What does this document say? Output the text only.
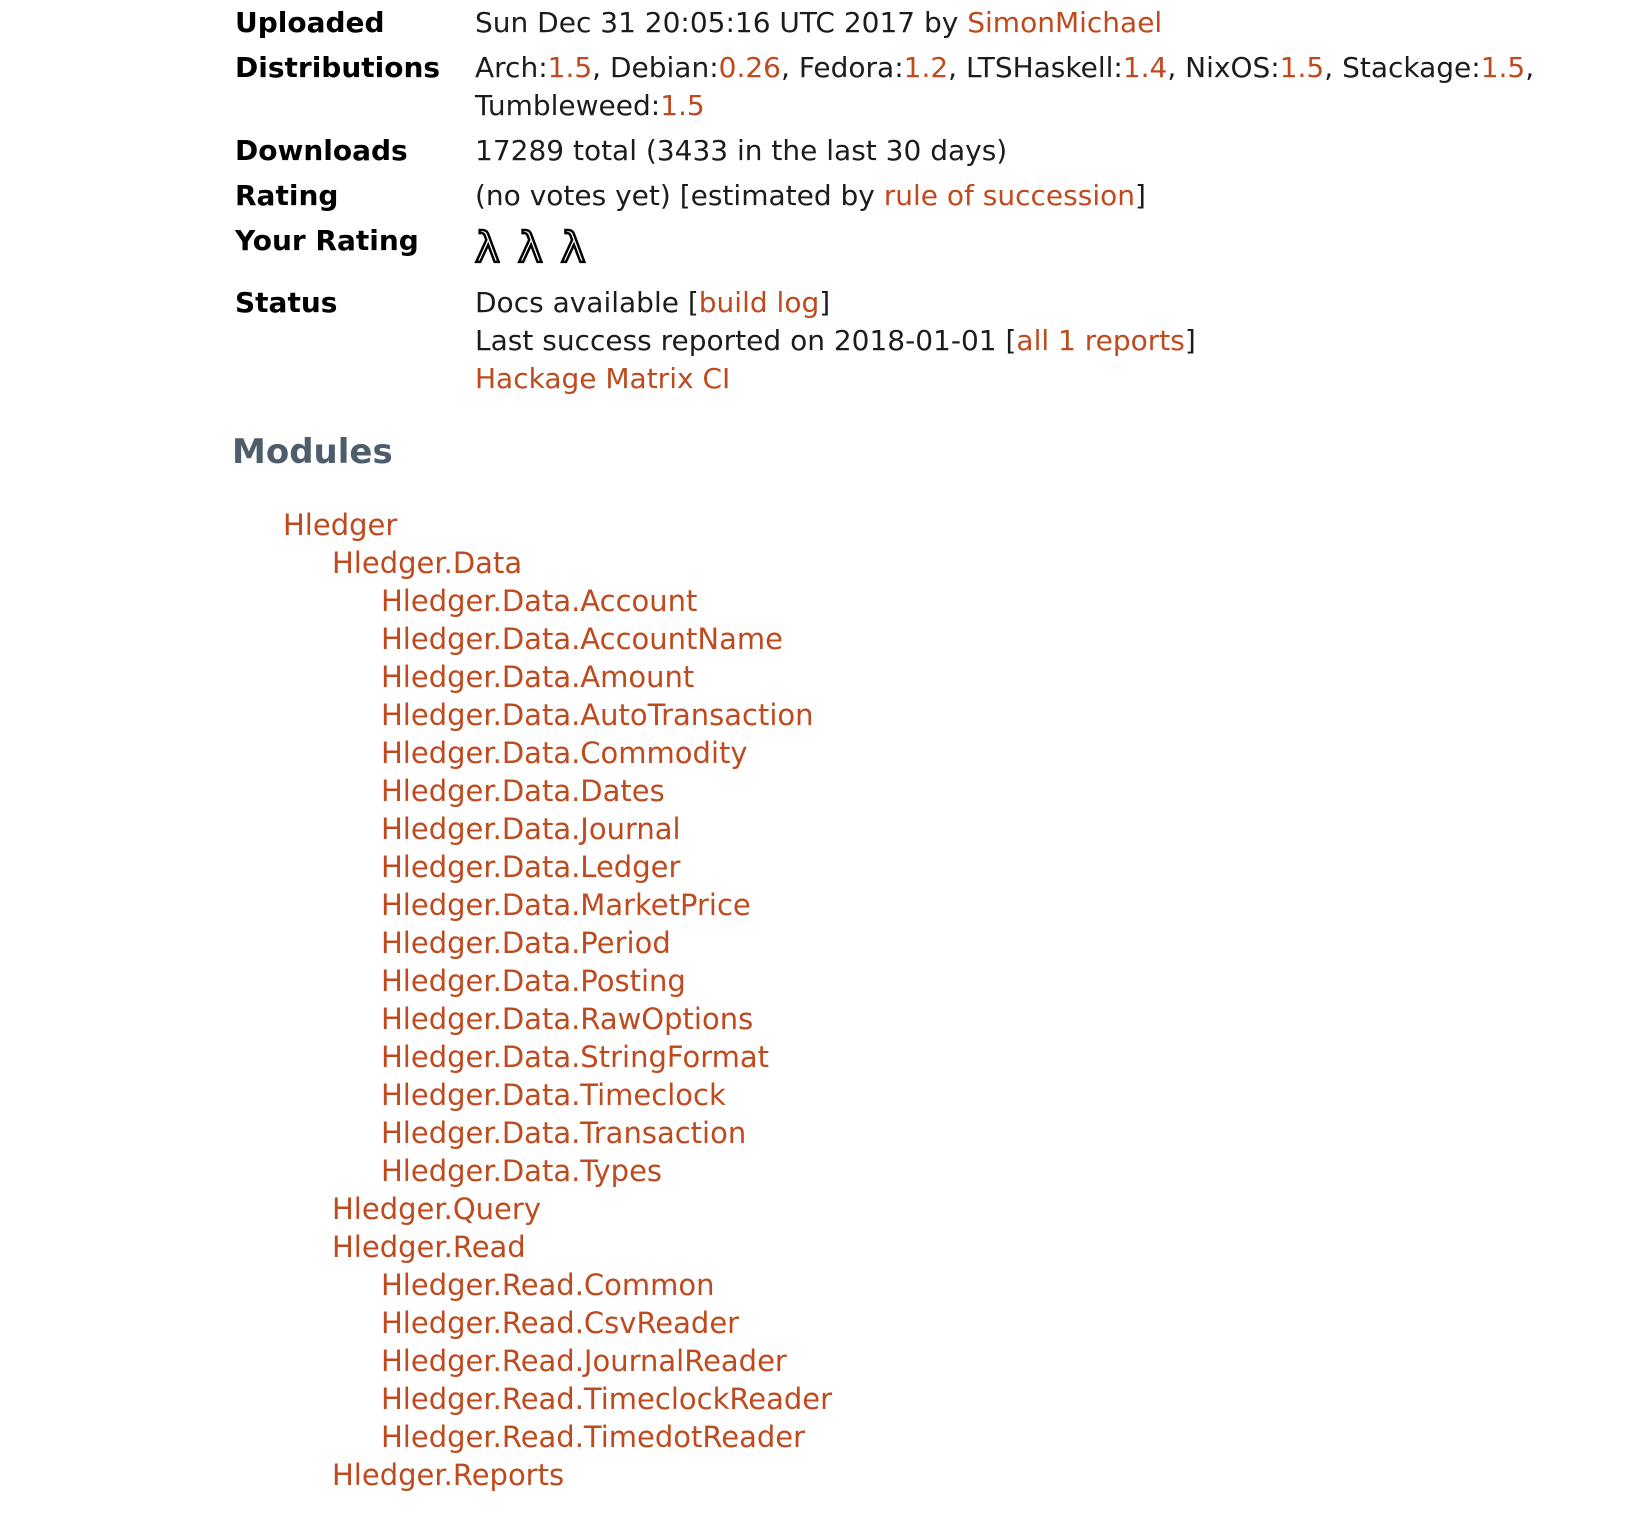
Uploaded	Sun Dec 31 20:05:16 UTC 2017 by SimonMichael
Distributions	Arch:1.5, Debian:0.26, Fedora:1.2, LTSHaskell:1.4, NixOS:1.5, Stackage:1.5,
Tumbleweed:1.5
Downloads	17289 total (3433 in the last 30 days)
Rating	(no votes yet) [estimated by rule of succession]
Your Rating	λ λ λ
Status	Docs available [build log]
Last success reported on 2018-01-01 [all 1 reports]
Hackage Matrix CI
Modules
Hledger
Hledger.Data
Hledger.Data.Account
Hledger.Data.AccountName
Hledger.Data.Amount
Hledger.Data.AutoTransaction
Hledger.Data.Commodity
Hledger.Data.Dates
Hledger.Data.Journal
Hledger.Data.Ledger
Hledger.Data.MarketPrice
Hledger.Data.Period
Hledger.Data.Posting
Hledger.Data.RawOptions
Hledger.Data.StringFormat
Hledger.Data.Timeclock
Hledger.Data.Transaction
Hledger.Data.Types
Hledger.Query
Hledger.Read
Hledger.Read.Common
Hledger.Read.CsvReader
Hledger.Read.JournalReader
Hledger.Read.TimeclockReader
Hledger.Read.TimedotReader
Hledger.Reports
